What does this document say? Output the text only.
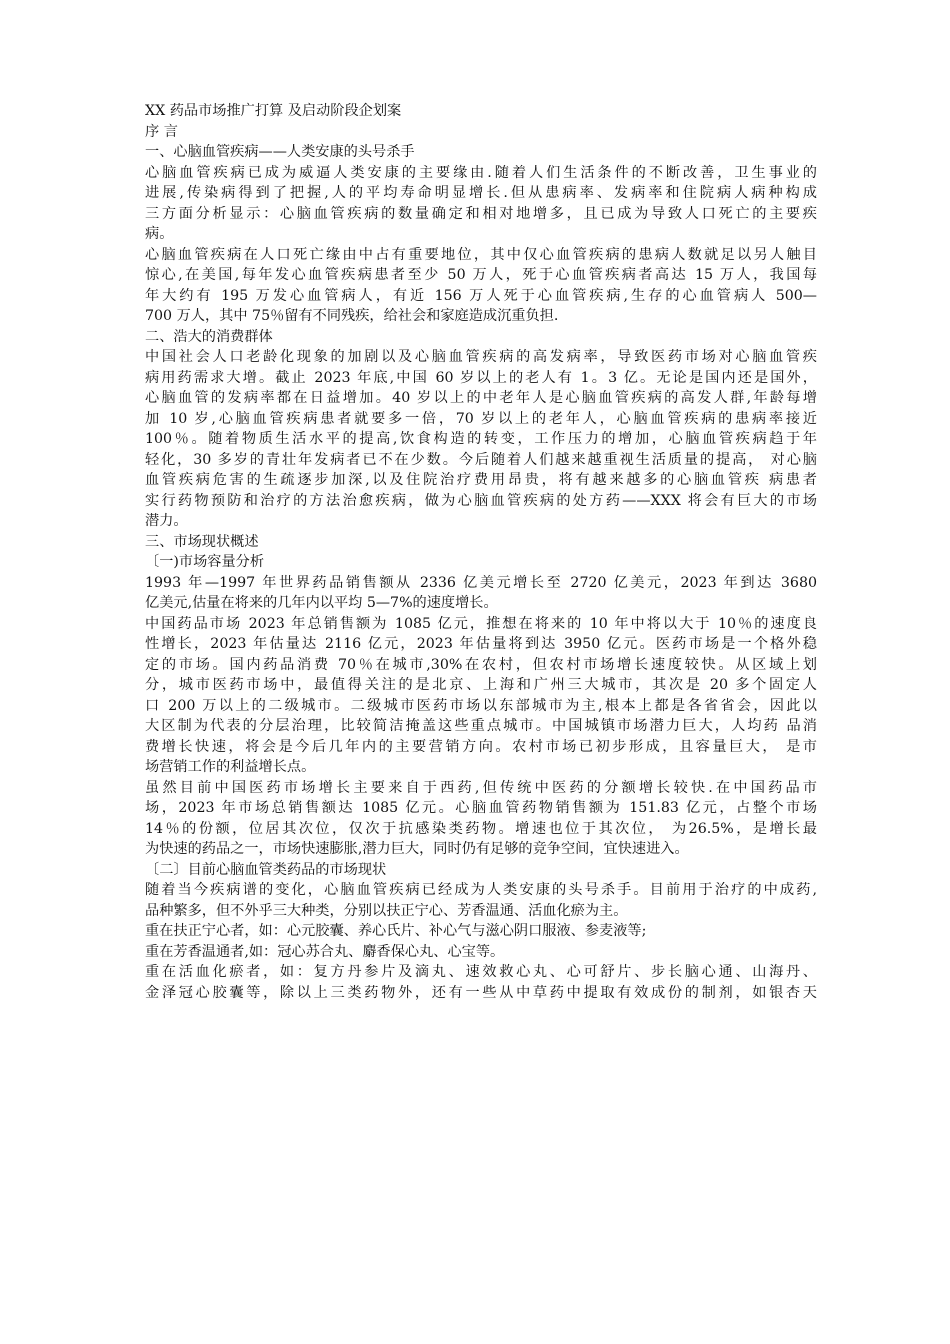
XX 药品市场推广打算 及启动阶段企划案
序 言
一、心脑血管疾病——人类安康的头号杀手
心脑血管疾病已成为威逼人类安康的主要缘由.随着人们生活条件的不断改善，卫生事业的
进展,传染病得到了把握,人的平均寿命明显增长.但从患病率、发病率和住院病人病种构成
三方面分析显示：心脑血管疾病的数量确定和相对地增多，且已成为导致人口死亡的主要疾
病。
心脑血管疾病在人口死亡缘由中占有重要地位，其中仅心血管疾病的患病人数就足以另人触目
惊心,在美国,每年发心血管疾病患者至少 50 万人，死于心血管疾病者高达 15 万人，我国每
年大约有 195 万发心血管病人，有近 156 万人死于心血管疾病,生存的心血管病人 500—
700 万人，其中 75％留有不同残疾，给社会和家庭造成沉重负担.
二、浩大的消费群体
中国社会人口老龄化现象的加剧以及心脑血管疾病的高发病率，导致医药市场对心脑血管疾
病用药需求大增。截止 2023 年底,中国 60 岁以上的老人有 1。3 亿。无论是国内还是国外，
心脑血管的发病率都在日益增加。40 岁以上的中老年人是心脑血管疾病的高发人群,年龄每增
加 10 岁,心脑血管疾病患者就要多一倍，70 岁以上的老年人，心脑血管疾病的患病率接近
100％。随着物质生活水平的提高,饮食构造的转变，工作压力的增加，心脑血管疾病趋于年
轻化，30 多岁的青壮年发病者已不在少数。今后随着人们越来越重视生活质量的提高， 对心脑
血管疾病危害的生疏逐步加深,以及住院治疗费用昂贵，将有越来越多的心脑血管疾 病患者
实行药物预防和治疗的方法治愈疾病，做为心脑血管疾病的处方药——XXX 将会有巨大的市场
潜力。
三、市场现状概述
〔一)市场容量分析
1993 年—1997 年世界药品销售额从 2336 亿美元增长至 2720 亿美元，2023 年到达 3680
亿美元,估量在将来的几年内以平均 5—7%的速度增长。
中国药品市场 2023 年总销售额为 1085 亿元，推想在将来的 10 年中将以大于 10％的速度良
性增长，2023 年估量达 2116 亿元，2023 年估量将到达 3950 亿元。医药市场是一个格外稳
定的市场。国内药品消费 70％在城市,30%在农村，但农村市场增长速度较快。从区域上划
分，城市医药市场中，最值得关注的是北京、上海和广州三大城市，其次是 20 多个固定人
口 200 万以上的二级城市。二级城市医药市场以东部城市为主,根本上都是各省省会，因此以
大区制为代表的分层治理，比较简洁掩盖这些重点城市。中国城镇市场潜力巨大，人均药 品消
费增长快速，将会是今后几年内的主要营销方向。农村市场已初步形成，且容量巨大， 是市
场营销工作的利益增长点。
虽然目前中国医药市场增长主要来自于西药,但传统中医药的分额增长较快.在中国药品市
场，2023 年市场总销售额达 1085 亿元。心脑血管药物销售额为 151.83 亿元，占整个市场
14％的份额，位居其次位，仅次于抗感染类药物。增速也位于其次位， 为26.5%，是增长最
为快速的药品之一，市场快速膨胀,潜力巨大，同时仍有足够的竞争空间，宜快速进入。
〔二〕目前心脑血管类药品的市场现状
随着当今疾病谱的变化，心脑血管疾病已经成为人类安康的头号杀手。目前用于治疗的中成药,
品种繁多，但不外乎三大种类，分别以扶正宁心、芳香温通、活血化瘀为主。
重在扶正宁心者，如：心元胶囊、养心氏片、补心气与滋心阴口服液、参麦液等;
重在芳香温通者,如：冠心苏合丸、麝香保心丸、心宝等。
重在活血化瘀者，如：复方丹参片及滴丸、速效救心丸、心可舒片、步长脑心通、山海丹、
金泽冠心胶囊等，除以上三类药物外，还有一些从中草药中提取有效成份的制剂，如银杏天
